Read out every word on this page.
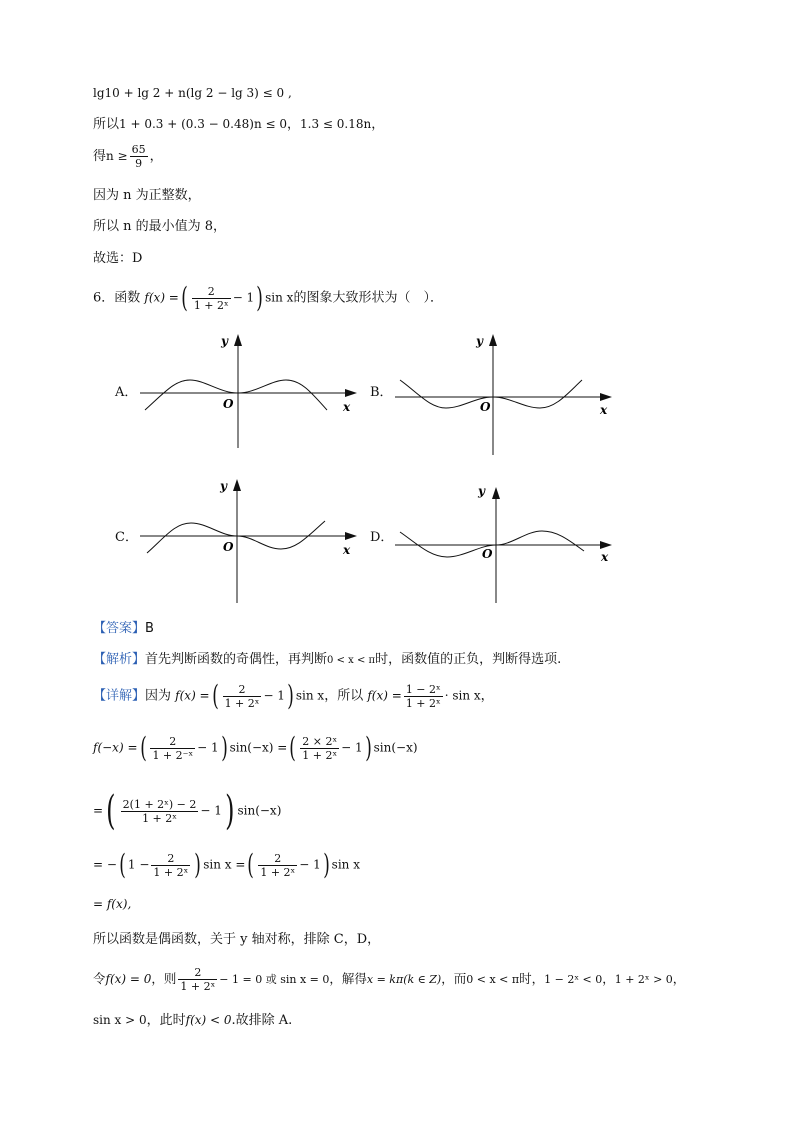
lg10 + lg 2 + n(lg 2 − lg 3) ≤ 0 ,
所以1 + 0.3 + (0.3 − 0.48)n ≤ 0，1.3 ≤ 0.18n，
得$n \ge \frac{65}{9}$ ，
因为 n 为正整数，
所以 n 的最小值为 8，
故选：D
6．函数 f(x) =( $\frac{2}{\text{1 + 2ˣ}} - 1$) sin x的图象大致形状为（　）．
A．	B．
C．	D．
y
x
O
y
x
O
y
x
O
y
x
O
【答案】B
【解析】首先判断函数的奇偶性，再判断0 < x < π时，函数值的正负，判断得选项.
【详解】因为 f(x) =( $\frac{2}{\text{1 + 2ˣ}} - 1$) sin x，所以 $f(x) = \frac{\text{1 − 2ˣ}}{\text{1 + 2ˣ}} \cdot \sin x$，
f(−x) =( $\frac{2}{\text{1 + 2⁻ˣ}} - 1$) sin(−x) =( $\frac{\text{2 × 2ˣ}}{\text{1 + 2ˣ}} - 1$) sin(−x)
=( $\frac{\text{2(1 + 2ˣ) − 2}}{\text{1 + 2ˣ}} - 1$) sin(−x)
= −( $1 - \frac{2}{\text{1 + 2ˣ}}$ ) sin x =( $\frac{2}{\text{1 + 2ˣ}} - 1$) sin x
= f(x),
所以函数是偶函数，关于 y 轴对称，排除 C，D，
令f(x) = 0，则 $\frac{2}{\text{1 + 2ˣ}} - 1 = 0$ 或 sin x = 0，解得x = kπ(k ∈ Z)，而0 < x < π时，1 − 2ˣ < 0，1 + 2ˣ > 0，
sin x > 0，此时f(x) < 0.故排除 A.
